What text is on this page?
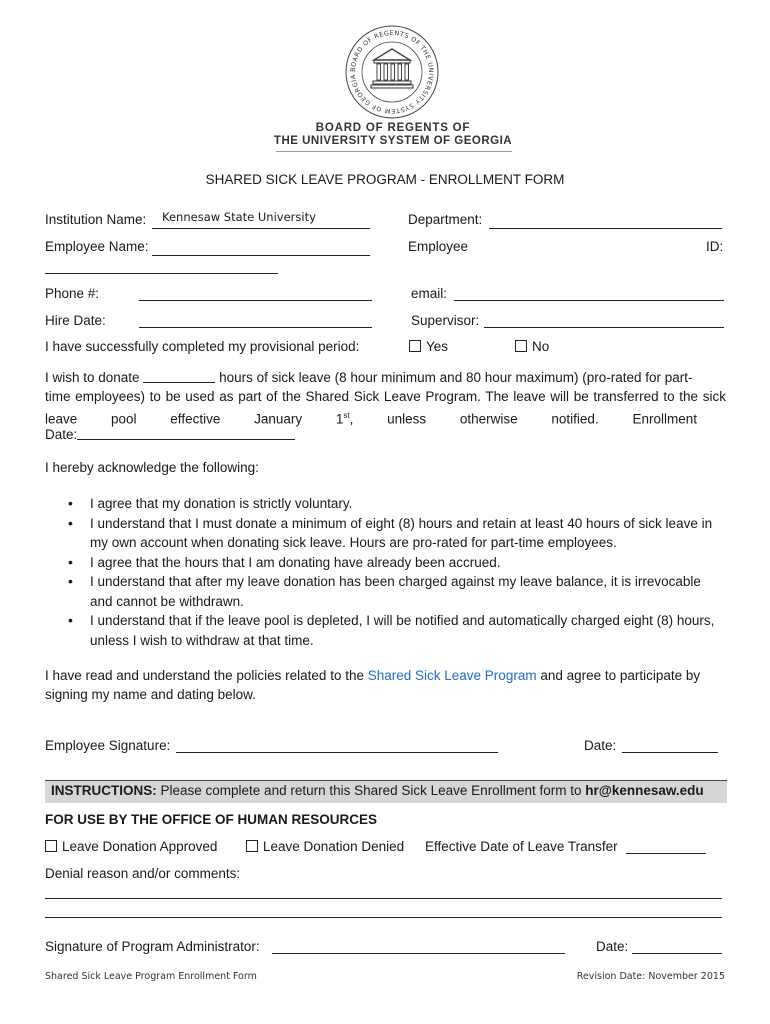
BOARD OF REGENTS OF THE UNIVERSITY SYSTEM OF GEORGIA
BOARD OF REGENTS OF
THE UNIVERSITY SYSTEM OF GEORGIA
SHARED SICK LEAVE PROGRAM - ENROLLMENT FORM
Institution Name: Kennesaw State University	Department:
Employee Name:	Employee	ID:
Phone #:	email:
Hire Date:	Supervisor:
I have successfully completed my provisional period:	Yes	No
I wish to donate	hours of sick leave (8 hour minimum and 80 hour maximum) (pro-rated for part-
time employees) to be used as part of the Shared Sick Leave Program. The leave will be transferred to the sick
leave pool effective January 1st, unless otherwise notified. Enrollment
Date:
I hereby acknowledge the following:
• I agree that my donation is strictly voluntary.
• I understand that I must donate a minimum of eight (8) hours and retain at least 40 hours of sick leave in my own account when donating sick leave. Hours are pro-rated for part-time employees.
• I agree that the hours that I am donating have already been accrued.
• I understand that after my leave donation has been charged against my leave balance, it is irrevocable and cannot be withdrawn.
• I understand that if the leave pool is depleted, I will be notified and automatically charged eight (8) hours, unless I wish to withdraw at that time.
I have read and understand the policies related to the Shared Sick Leave Program and agree to participate by
signing my name and dating below.
Employee Signature:	Date:
INSTRUCTIONS: Please complete and return this Shared Sick Leave Enrollment form to hr@kennesaw.edu
FOR USE BY THE OFFICE OF HUMAN RESOURCES
Leave Donation Approved	Leave Donation Denied Effective Date of Leave Transfer
Denial reason and/or comments:
Signature of Program Administrator:	Date:
Shared Sick Leave Program Enrollment Form	Revision Date: November 2015
